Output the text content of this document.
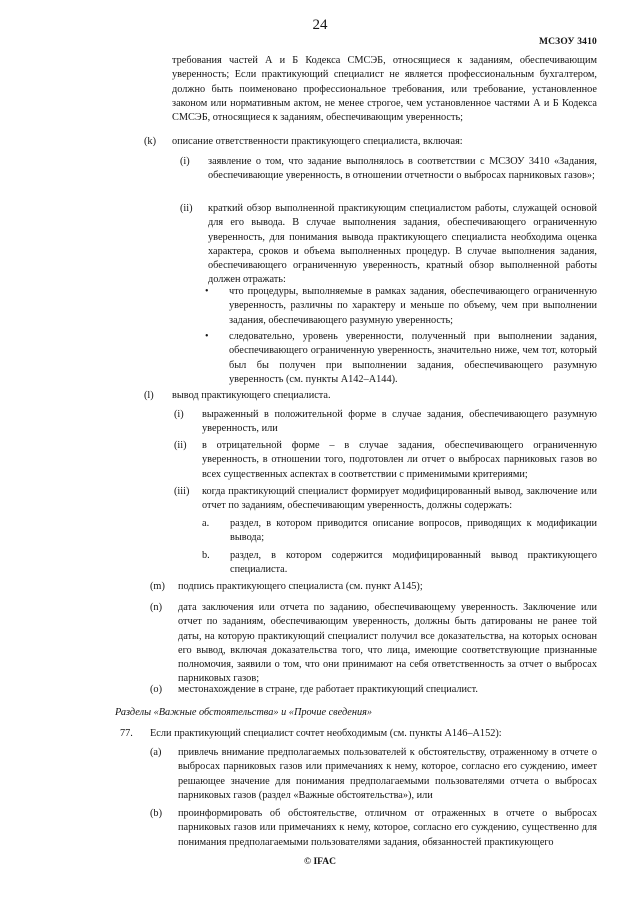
24
МСЗОУ 3410

требования частей А и Б Кодекса СМСЭБ, относящиеся к заданиям, обеспечивающим уверенность; Если практикующий специалист не является профессиональным бухгалтером, должно быть поименовано профессиональное требования, или требование, установленное законом или нормативным актом, не менее строгое, чем установленное частями А и Б Кодекса СМСЭБ, относящиеся к заданиям, обеспечивающим уверенность;

(k) описание ответственности практикующего специалиста, включая:

(i) заявление о том, что задание выполнялось в соответствии с МСЗОУ 3410 «Задания, обеспечивающие уверенность, в отношении отчетности о выбросах парниковых газов»;

(ii) краткий обзор выполненной практикующим специалистом работы, служащей основой для его вывода. В случае выполнения задания, обеспечивающего ограниченную уверенность, для понимания вывода практикующего специалиста необходима оценка характера, сроков и объема выполненных процедур. В случае выполнения задания, обеспечивающего ограниченную уверенность, кратный обзор выполненной работы должен отражать:

• что процедуры, выполняемые в рамках задания, обеспечивающего ограниченную уверенность, различны по характеру и меньше по объему, чем при выполнении задания, обеспечивающего разумную уверенность;

• следовательно, уровень уверенности, полученный при выполнении задания, обеспечивающего ограниченную уверенность, значительно ниже, чем тот, который был бы получен при выполнении задания, обеспечивающего разумную уверенность (см. пункты А142–А144).

(l) вывод практикующего специалиста.

(i) выраженный в положительной форме в случае задания, обеспечивающего разумную уверенность, или

(ii) в отрицательной форме – в случае задания, обеспечивающего ограниченную уверенность, в отношении того, подготовлен ли отчет о выбросах парниковых газов во всех существенных аспектах в соответствии с применимыми критериями;

(iii) когда практикующий специалист формирует модифицированный вывод, заключение или отчет по заданиям, обеспечивающим уверенность, должны содержать:

a. раздел, в котором приводится описание вопросов, приводящих к модификации вывода;

b. раздел, в котором содержится модифицированный вывод практикующего специалиста.

(m) подпись практикующего специалиста (см. пункт А145);

(n) дата заключения или отчета по заданию, обеспечивающему уверенность. Заключение или отчет по заданиям, обеспечивающим уверенность, должны быть датированы не ранее той даты, на которую практикующий специалист получил все доказательства, на которых основан его вывод, включая доказательства того, что лица, имеющие соответствующие признанные полномочия, заявили о том, что они принимают на себя ответственность за отчет о выбросах парниковых газов;

(o) местонахождение в стране, где работает практикующий специалист.

Разделы «Важные обстоятельства» и «Прочие сведения»
77. Если практикующий специалист сочтет необходимым (см. пункты А146–А152):

(a) привлечь внимание предполагаемых пользователей к обстоятельству, отраженному в отчете о выбросах парниковых газов или примечаниях к нему, которое, согласно его суждению, имеет решающее значение для понимания предполагаемыми пользователями отчета о выбросах парниковых газов (раздел «Важные обстоятельства»), или

(b) проинформировать об обстоятельстве, отличном от отраженных в отчете о выбросах парниковых газов или примечаниях к нему, которое, согласно его суждению, существенно для понимания предполагаемыми пользователями задания, обязанностей практикующего

© IFAC
